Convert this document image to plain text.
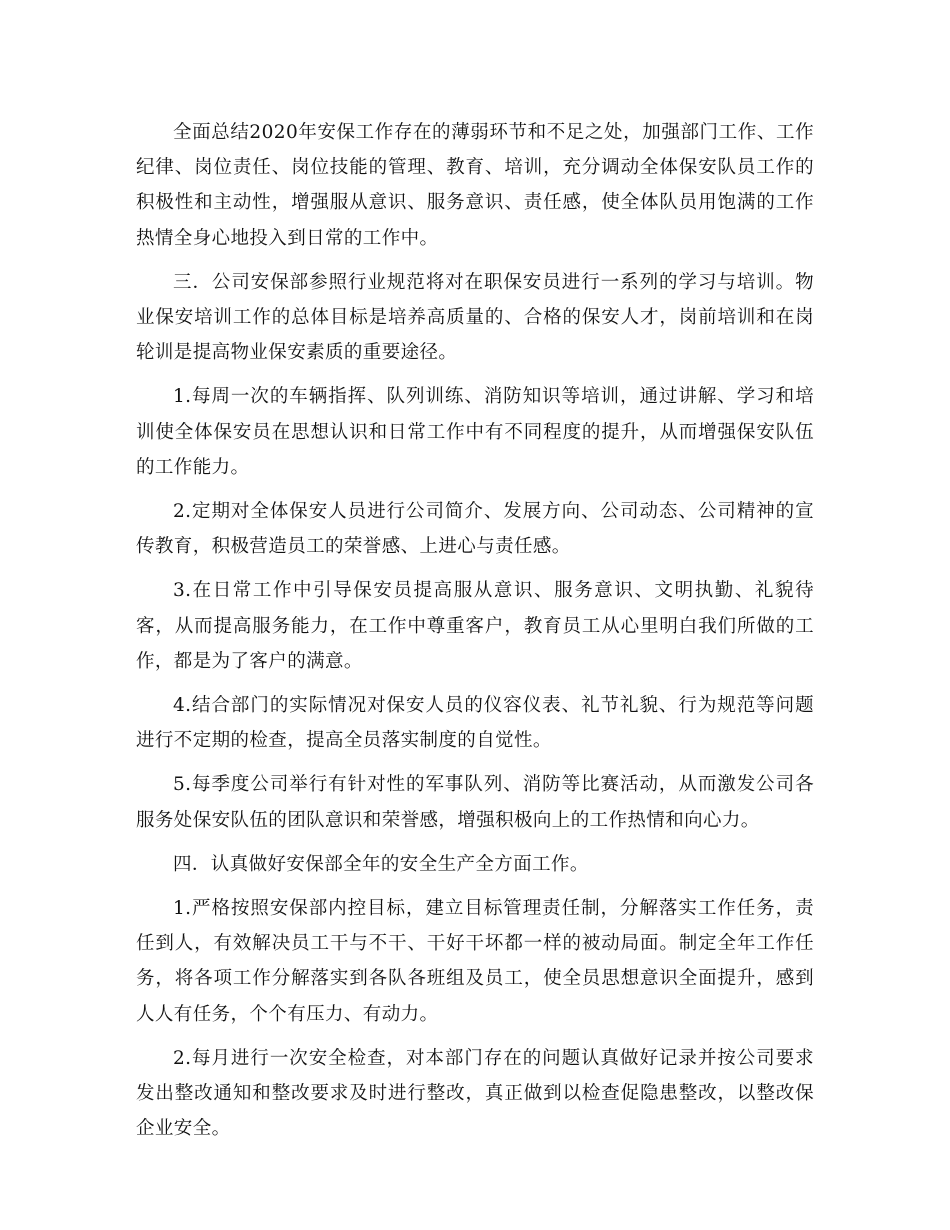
全面总结2020年安保工作存在的薄弱环节和不足之处，加强部门工作、工作纪律、岗位责任、岗位技能的管理、教育、培训，充分调动全体保安队员工作的积极性和主动性，增强服从意识、服务意识、责任感，使全体队员用饱满的工作热情全身心地投入到日常的工作中。

三．公司安保部参照行业规范将对在职保安员进行一系列的学习与培训。物业保安培训工作的总体目标是培养高质量的、合格的保安人才，岗前培训和在岗轮训是提高物业保安素质的重要途径。

1.每周一次的车辆指挥、队列训练、消防知识等培训，通过讲解、学习和培训使全体保安员在思想认识和日常工作中有不同程度的提升，从而增强保安队伍的工作能力。

2.定期对全体保安人员进行公司简介、发展方向、公司动态、公司精神的宣传教育，积极营造员工的荣誉感、上进心与责任感。

3.在日常工作中引导保安员提高服从意识、服务意识、文明执勤、礼貌待客，从而提高服务能力，在工作中尊重客户，教育员工从心里明白我们所做的工作，都是为了客户的满意。

4.结合部门的实际情况对保安人员的仪容仪表、礼节礼貌、行为规范等问题进行不定期的检查，提高全员落实制度的自觉性。

5.每季度公司举行有针对性的军事队列、消防等比赛活动，从而激发公司各服务处保安队伍的团队意识和荣誉感，增强积极向上的工作热情和向心力。

四．认真做好安保部全年的安全生产全方面工作。

1.严格按照安保部内控目标，建立目标管理责任制，分解落实工作任务，责任到人，有效解决员工干与不干、干好干坏都一样的被动局面。制定全年工作任务，将各项工作分解落实到各队各班组及员工，使全员思想意识全面提升，感到人人有任务，个个有压力、有动力。

2.每月进行一次安全检查，对本部门存在的问题认真做好记录并按公司要求发出整改通知和整改要求及时进行整改，真正做到以检查促隐患整改，以整改保企业安全。
